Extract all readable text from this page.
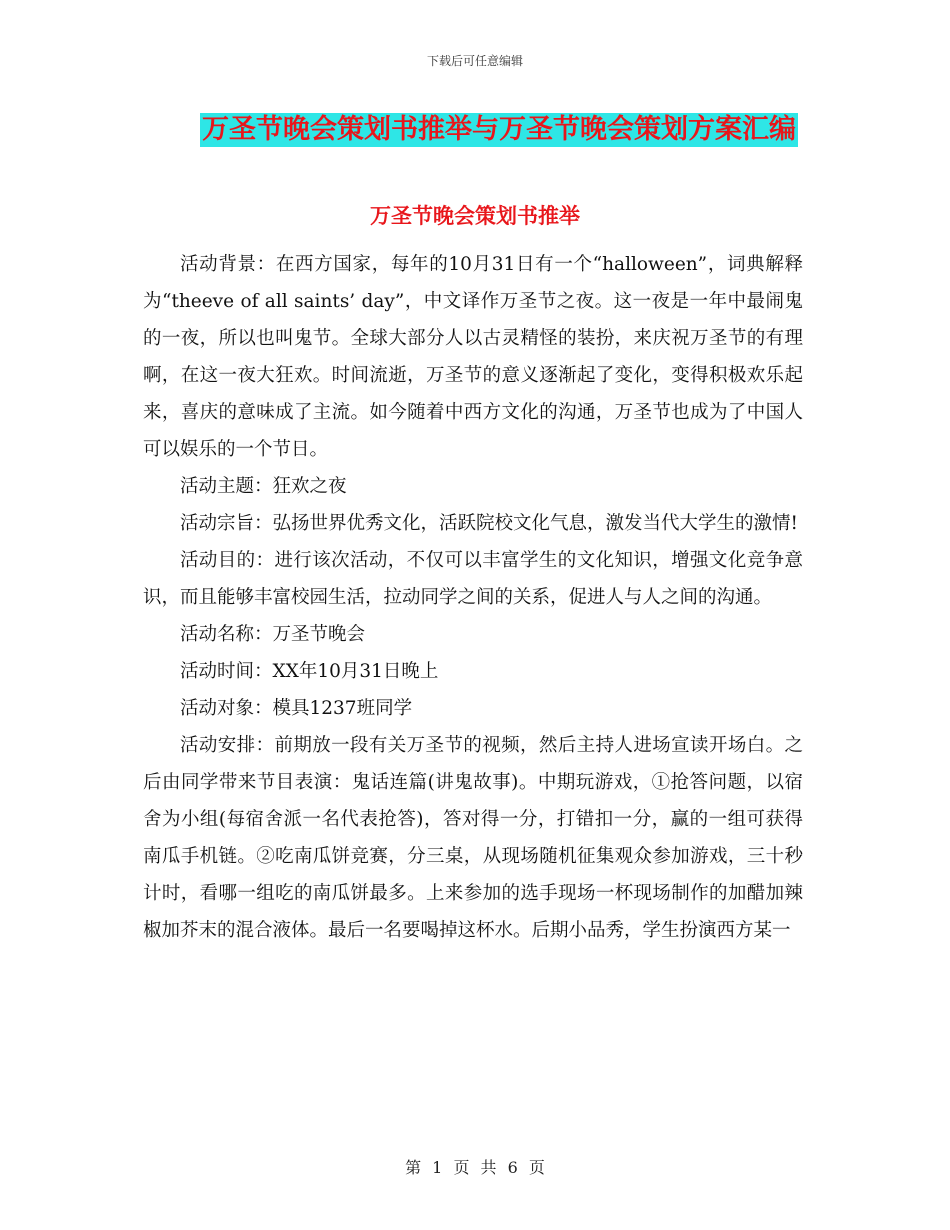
下载后可任意编辑
万圣节晚会策划书推举与万圣节晚会策划方案汇编
万圣节晚会策划书推举

活动背景：在西方国家，每年的10月31日有一个“halloween”，词典解释为“theeve of all saints’ day”，中文译作万圣节之夜。这一夜是一年中最闹鬼的一夜，所以也叫鬼节。全球大部分人以古灵精怪的装扮，来庆祝万圣节的有理啊，在这一夜大狂欢。时间流逝，万圣节的意义逐渐起了变化，变得积极欢乐起来，喜庆的意味成了主流。如今随着中西方文化的沟通，万圣节也成为了中国人可以娱乐的一个节日。

活动主题：狂欢之夜

活动宗旨：弘扬世界优秀文化，活跃院校文化气息，激发当代大学生的激情!

活动目的：进行该次活动，不仅可以丰富学生的文化知识，增强文化竞争意识，而且能够丰富校园生活，拉动同学之间的关系，促进人与人之间的沟通。

活动名称：万圣节晚会

活动时间：XX年10月31日晚上

活动对象：模具1237班同学

活动安排：前期放一段有关万圣节的视频，然后主持人进场宣读开场白。之后由同学带来节目表演：鬼话连篇(讲鬼故事)。中期玩游戏，①抢答问题，以宿舍为小组(每宿舍派一名代表抢答)，答对得一分，打错扣一分，赢的一组可获得南瓜手机链。②吃南瓜饼竞赛，分三桌，从现场随机征集观众参加游戏，三十秒计时，看哪一组吃的南瓜饼最多。上来参加的选手现场一杯现场制作的加醋加辣椒加芥末的混合液体。最后一名要喝掉这杯水。后期小品秀，学生扮演西方某一

第 1 页 共 6 页
